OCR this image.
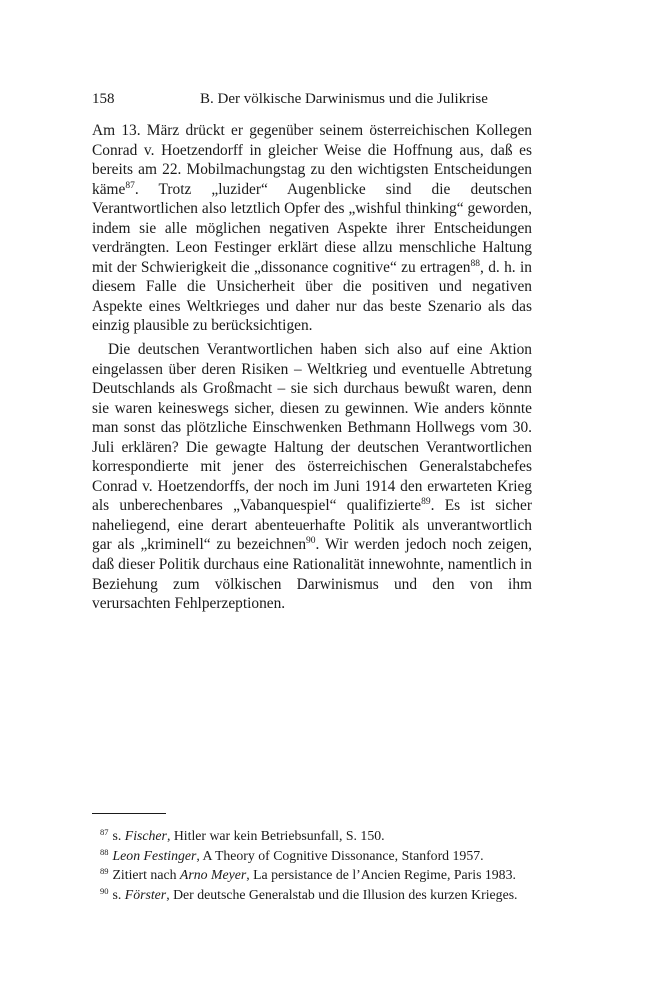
158	B. Der völkische Darwinismus und die Julikrise

Am 13. März drückt er gegenüber seinem österreichischen Kollegen Conrad v. Hoetzendorff in gleicher Weise die Hoffnung aus, daß es bereits am 22. Mobilmachungstag zu den wichtigsten Entscheidungen käme$^{87}$. Trotz „luzider“ Augenblicke sind die deutschen Verantwortlichen also letztlich Opfer des „wishful thinking“ geworden, indem sie alle möglichen negativen Aspekte ihrer Entscheidungen verdrängten. Leon Festinger erklärt diese allzu menschliche Haltung mit der Schwierigkeit die „dissonance cognitive“ zu ertragen$^{88}$, d. h. in diesem Falle die Unsicherheit über die positiven und negativen Aspekte eines Weltkrieges und daher nur das beste Szenario als das einzig plausible zu berücksichtigen.

Die deutschen Verantwortlichen haben sich also auf eine Aktion eingelassen über deren Risiken – Weltkrieg und eventuelle Abtretung Deutschlands als Großmacht – sie sich durchaus bewußt waren, denn sie waren keineswegs sicher, diesen zu gewinnen. Wie anders könnte man sonst das plötzliche Einschwenken Bethmann Hollwegs vom 30. Juli erklären? Die gewagte Haltung der deutschen Verantwortlichen korrespondierte mit jener des österreichischen Generalstabchefes Conrad v. Hoetzendorffs, der noch im Juni 1914 den erwarteten Krieg als unberechenbares „Vabanquespiel“ qualifizierte$^{89}$. Es ist sicher naheliegend, eine derart abenteuerhafte Politik als unverantwortlich gar als „kriminell“ zu bezeichnen$^{90}$. Wir werden jedoch noch zeigen, daß dieser Politik durchaus eine Rationalität innewohnte, namentlich in Beziehung zum völkischen Darwinismus und den von ihm verursachten Fehlperzeptionen.

$^{87}$ s. Fischer, Hitler war kein Betriebsunfall, S. 150.
$^{88}$ Leon Festinger, A Theory of Cognitive Dissonance, Stanford 1957.
$^{89}$ Zitiert nach Arno Meyer, La persistance de l’Ancien Regime, Paris 1983.
$^{90}$ s. Förster, Der deutsche Generalstab und die Illusion des kurzen Krieges.
